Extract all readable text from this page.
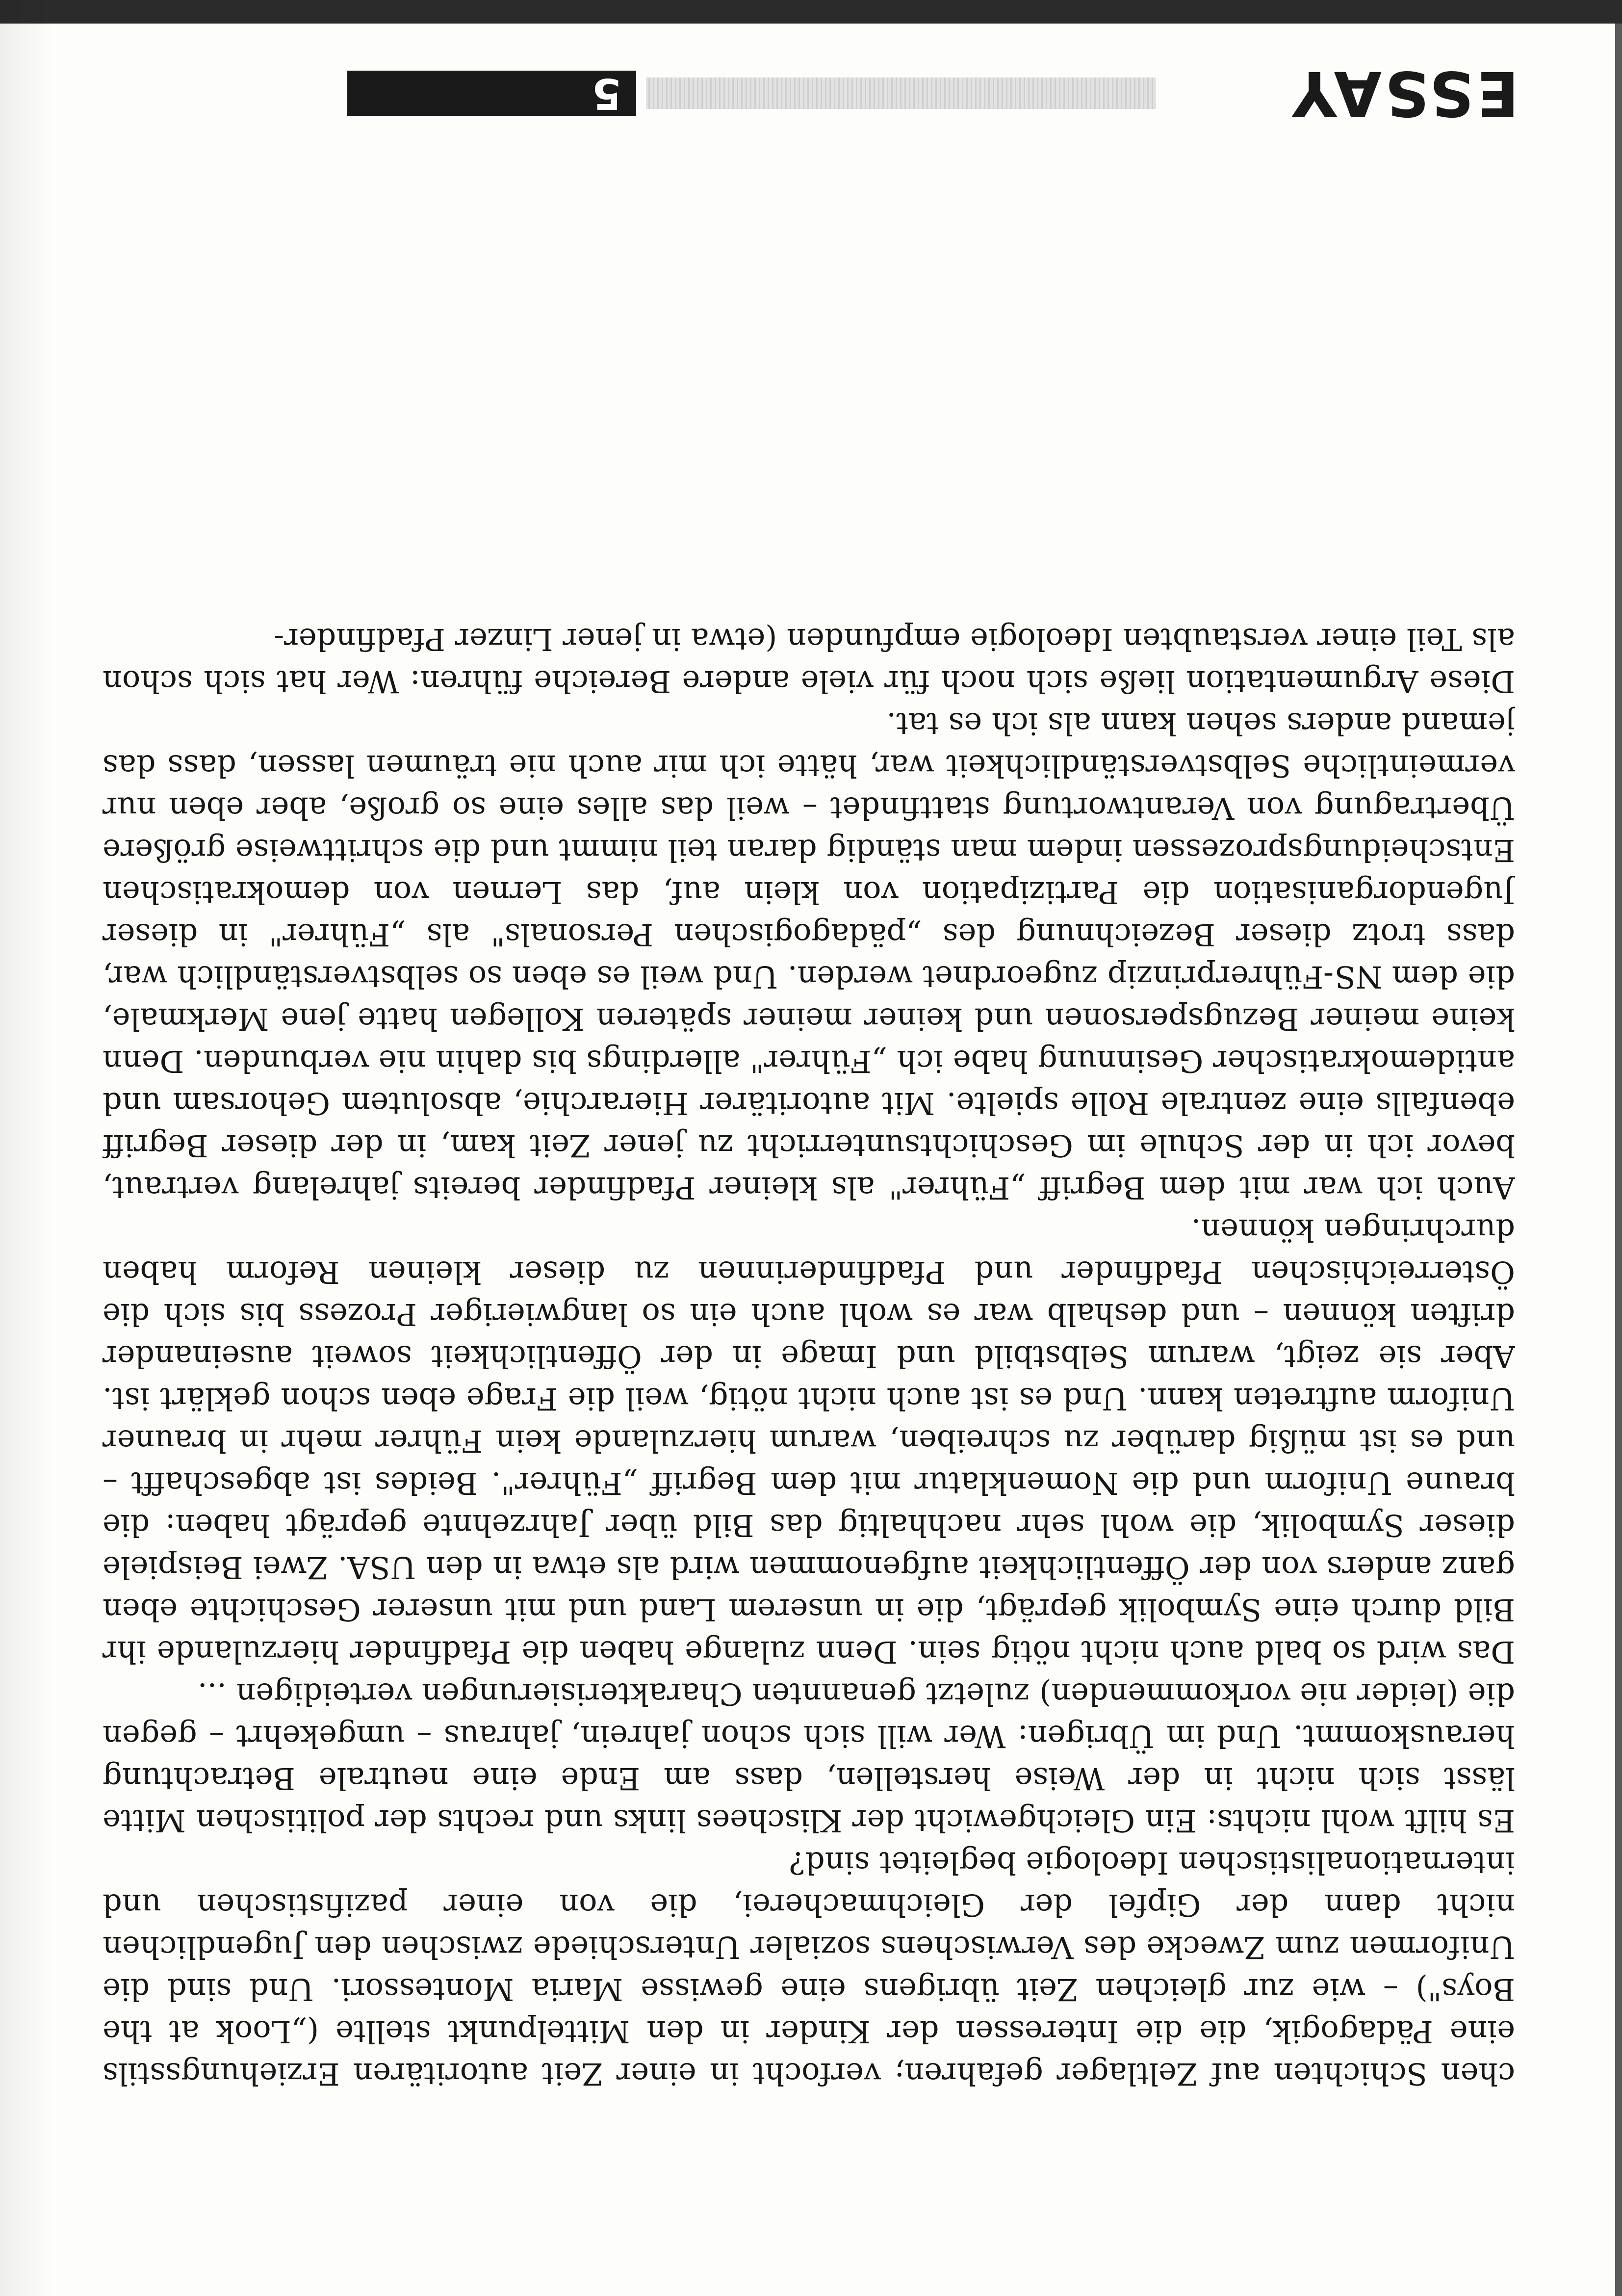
ESSAY
5

chen Schichten auf Zeltlager gefahren; verfocht in einer Zeit autoritären Erziehungsstils eine Pädagogik, die die Interessen der Kinder in den Mittelpunkt stellte („Look at the Boys") – wie zur gleichen Zeit übrigens eine gewisse Maria Montessori. Und sind die Uniformen zum Zwecke des Verwischens sozialer Unterschiede zwischen den Jugendlichen nicht dann der Gipfel der Gleichmacherei, die von einer pazifistischen und internationalistischen Ideologie begleitet sind?

Es hilft wohl nichts: Ein Gleichgewicht der Klischees links und rechts der politischen Mitte lässt sich nicht in der Weise herstellen, dass am Ende eine neutrale Betrachtung herauskommt. Und im Übrigen: Wer will sich schon jahrein, jahraus – umgekehrt – gegen die (leider nie vorkommenden) zuletzt genannten Charakterisierungen verteidigen ...

Das wird so bald auch nicht nötig sein. Denn zulange haben die Pfadfinder hierzulande ihr Bild durch eine Symbolik geprägt, die in unserem Land und mit unserer Geschichte eben ganz anders von der Öffentlichkeit aufgenommen wird als etwa in den USA. Zwei Beispiele dieser Symbolik, die wohl sehr nachhaltig das Bild über Jahrzehnte geprägt haben: die braune Uniform und die Nomenklatur mit dem Begriff „Führer". Beides ist abgeschafft – und es ist müßig darüber zu schreiben, warum hierzulande kein Führer mehr in brauner Uniform auftreten kann. Und es ist auch nicht nötig, weil die Frage eben schon geklärt ist. Aber sie zeigt, warum Selbstbild und Image in der Öffentlichkeit soweit auseinander driften können – und deshalb war es wohl auch ein so langwieriger Prozess bis sich die Österreichischen Pfadfinder und Pfadfinderinnen zu dieser kleinen Reform haben durchringen können.

Auch ich war mit dem Begriff „Führer" als kleiner Pfadfinder bereits jahrelang vertraut, bevor ich in der Schule im Geschichtsunterricht zu jener Zeit kam, in der dieser Begriff ebenfalls eine zentrale Rolle spielte. Mit autoritärer Hierarchie, absolutem Gehorsam und antidemokratischer Gesinnung habe ich „Führer" allerdings bis dahin nie verbunden. Denn keine meiner Bezugspersonen und keiner meiner späteren Kollegen hatte jene Merkmale, die dem NS-Führerprinzip zugeordnet werden. Und weil es eben so selbstverständlich war, dass trotz dieser Bezeichnung des „pädagogischen Personals" als „Führer" in dieser Jugendorganisation die Partizipation von klein auf, das Lernen von demokratischen Entscheidungsprozessen indem man ständig daran teil nimmt und die schrittweise größere Übertragung von Verantwortung stattfindet – weil das alles eine so große, aber eben nur vermeintliche Selbstverständlichkeit war, hätte ich mir auch nie träumen lassen, dass das jemand anders sehen kann als ich es tat.

Diese Argumentation ließe sich noch für viele andere Bereiche führen: Wer hat sich schon als Teil einer verstaubten Ideologie empfunden (etwa in jener Linzer Pfadfinder-
